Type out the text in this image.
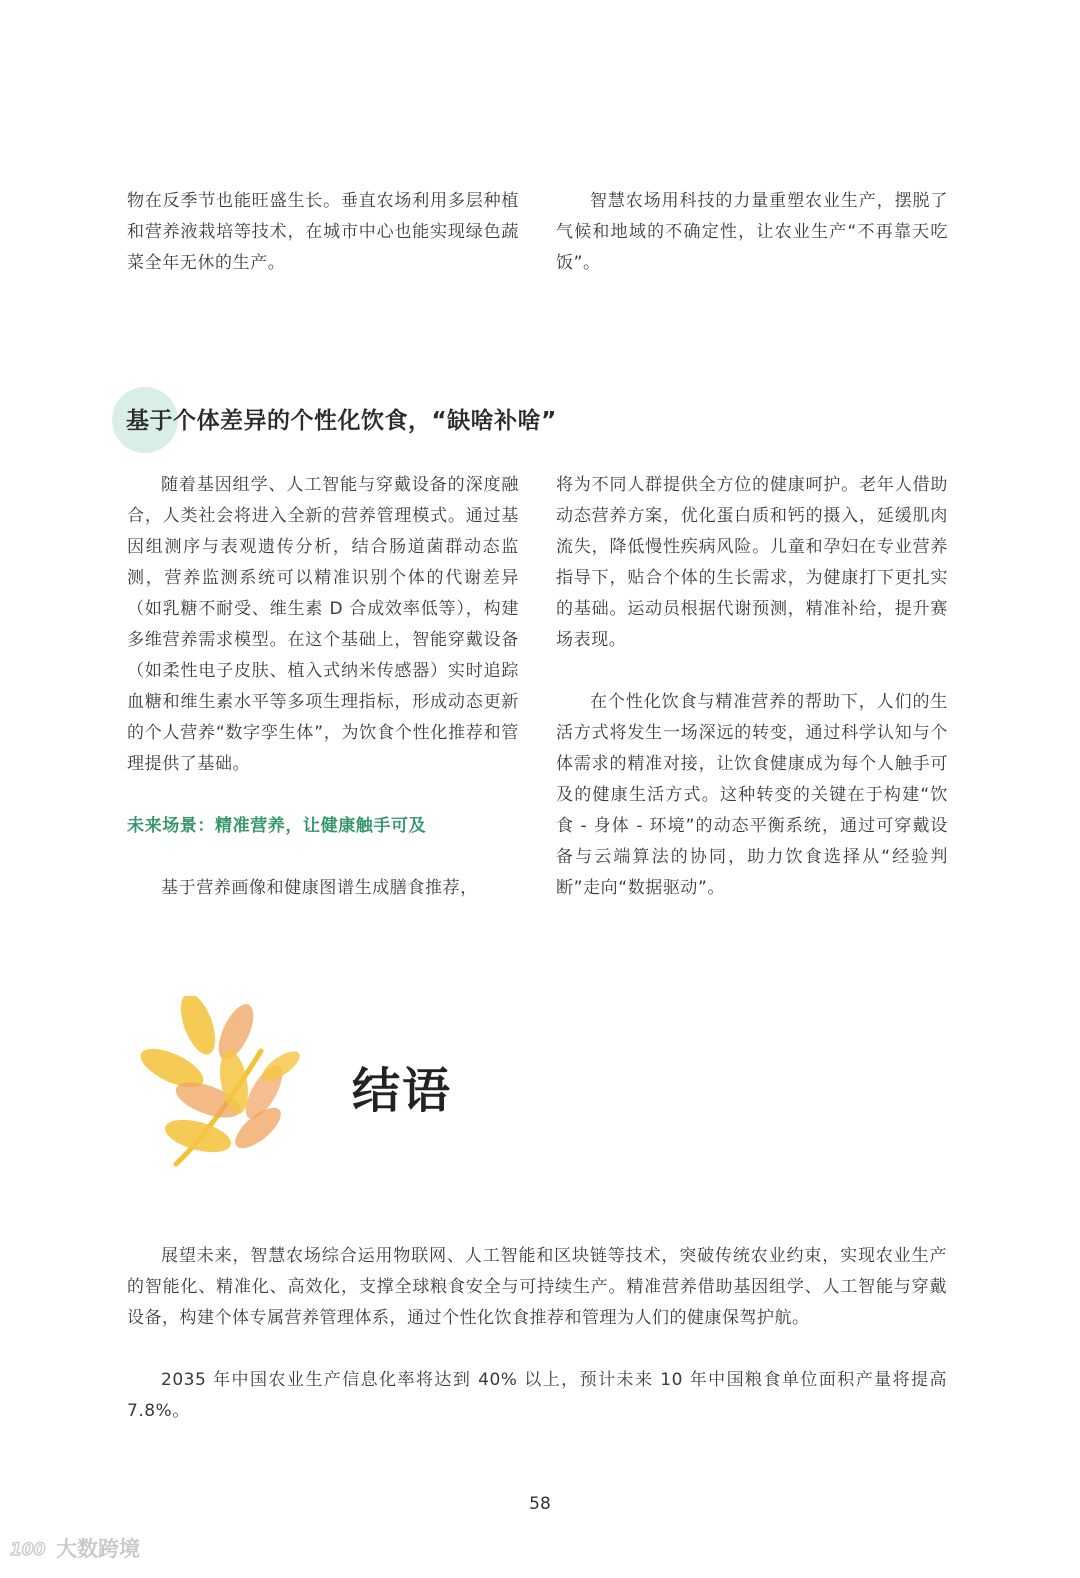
物在反季节也能旺盛生长。垂直农场利用多层种植和营养液栽培等技术，在城市中心也能实现绿色蔬菜全年无休的生产。

智慧农场用科技的力量重塑农业生产，摆脱了气候和地域的不确定性，让农业生产“不再靠天吃饭”。

基于个体差异的个性化饮食，“缺啥补啥”

随着基因组学、人工智能与穿戴设备的深度融合，人类社会将进入全新的营养管理模式。通过基因组测序与表观遗传分析，结合肠道菌群动态监测，营养监测系统可以精准识别个体的代谢差异（如乳糖不耐受、维生素 D 合成效率低等），构建多维营养需求模型。在这个基础上，智能穿戴设备（如柔性电子皮肤、植入式纳米传感器）实时追踪血糖和维生素水平等多项生理指标，形成动态更新的个人营养“数字孪生体”，为饮食个性化推荐和管理提供了基础。

未来场景：精准营养，让健康触手可及

基于营养画像和健康图谱生成膳食推荐，

将为不同人群提供全方位的健康呵护。老年人借助动态营养方案，优化蛋白质和钙的摄入，延缓肌肉流失，降低慢性疾病风险。儿童和孕妇在专业营养指导下，贴合个体的生长需求，为健康打下更扎实的基础。运动员根据代谢预测，精准补给，提升赛场表现。

在个性化饮食与精准营养的帮助下，人们的生活方式将发生一场深远的转变，通过科学认知与个体需求的精准对接，让饮食健康成为每个人触手可及的健康生活方式。这种转变的关键在于构建“饮食 - 身体 - 环境”的动态平衡系统，通过可穿戴设备与云端算法的协同，助力饮食选择从“经验判断”走向“数据驱动”。

结语

展望未来，智慧农场综合运用物联网、人工智能和区块链等技术，突破传统农业约束，实现农业生产的智能化、精准化、高效化，支撑全球粮食安全与可持续生产。精准营养借助基因组学、人工智能与穿戴设备，构建个体专属营养管理体系，通过个性化饮食推荐和管理为人们的健康保驾护航。

2035 年中国农业生产信息化率将达到 40% 以上，预计未来 10 年中国粮食单位面积产量将提高 7.8%。

58
100 大数跨境
